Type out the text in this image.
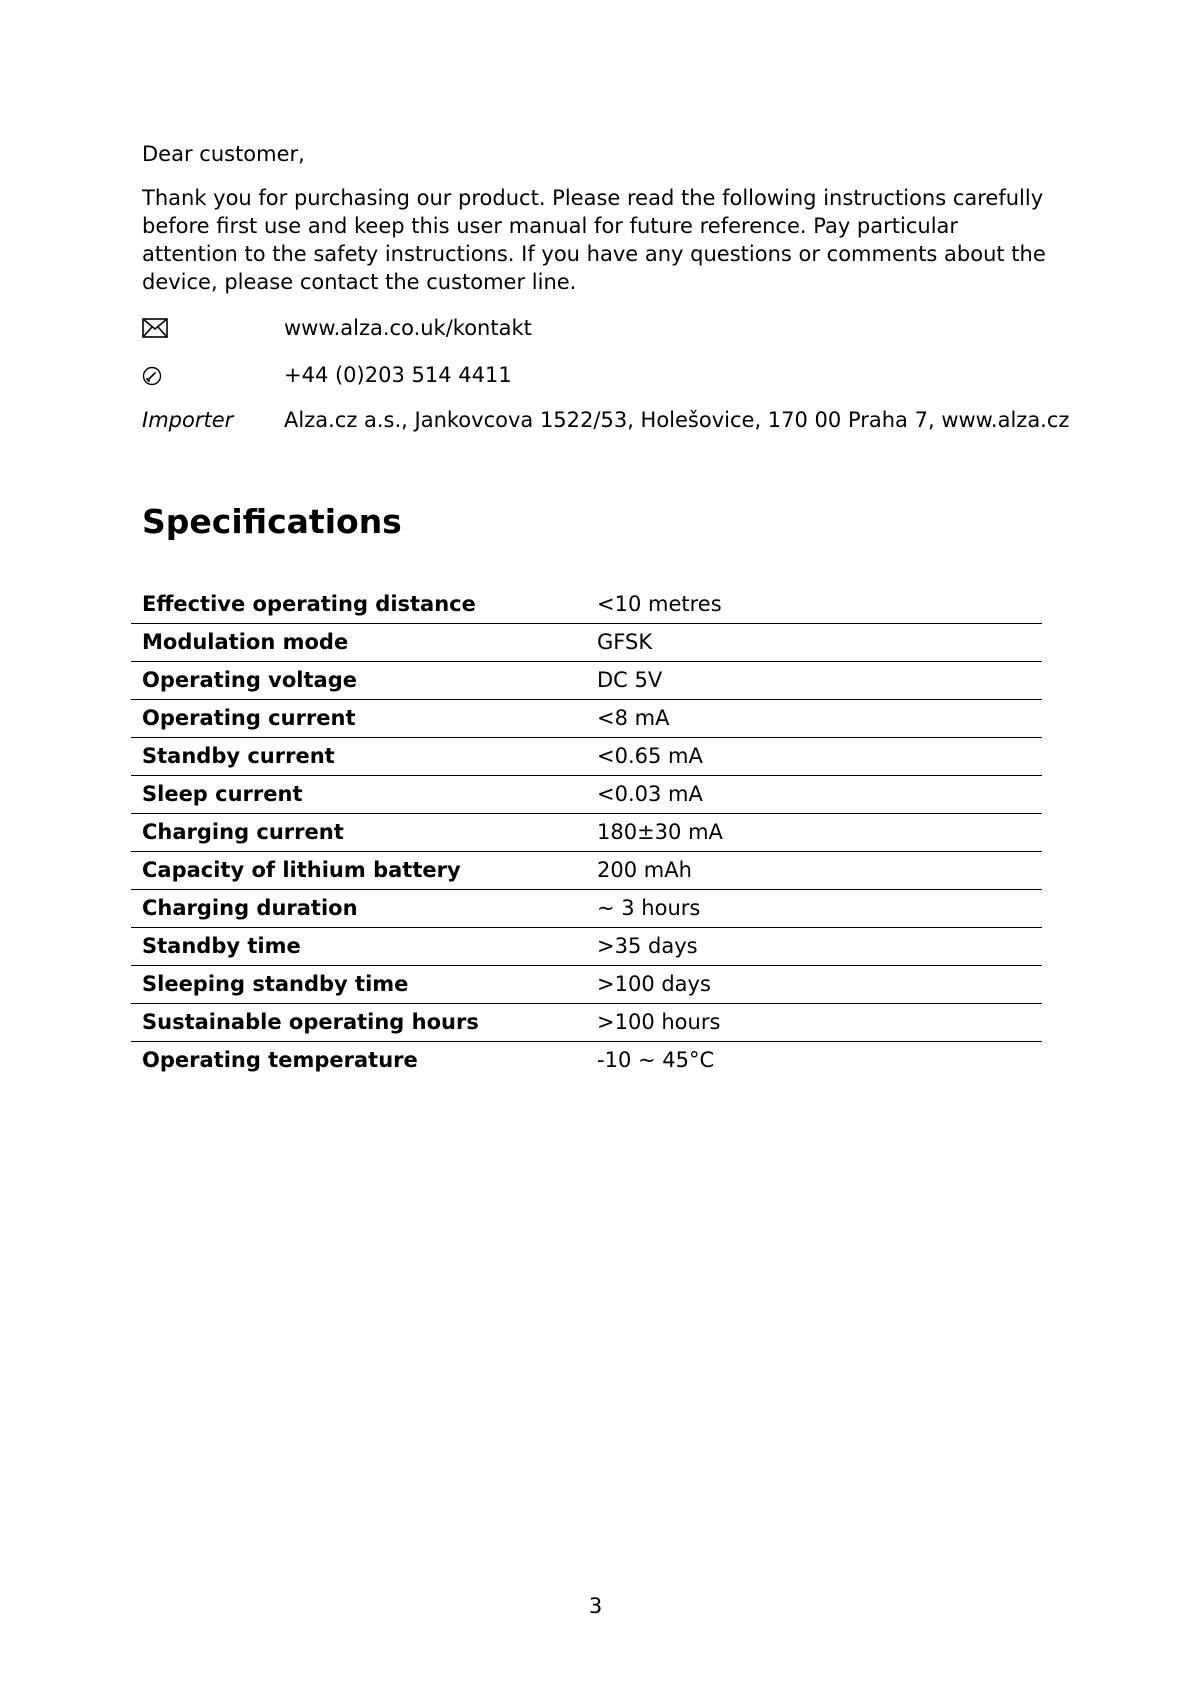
Dear customer,

Thank you for purchasing our product. Please read the following instructions carefully before first use and keep this user manual for future reference. Pay particular attention to the safety instructions. If you have any questions or comments about the device, please contact the customer line.

www.alza.co.uk/kontakt
+44 (0)203 514 4411
Importer Alza.cz a.s., Jankovcova 1522/53, Holešovice, 170 00 Praha 7, www.alza.cz
Specifications
Effective operating distance	<10 metres
Modulation mode	GFSK
Operating voltage	DC 5V
Operating current	<8 mA
Standby current	<0.65 mA
Sleep current	<0.03 mA
Charging current	180±30 mA
Capacity of lithium battery	200 mAh
Charging duration	~ 3 hours
Standby time	>35 days
Sleeping standby time	>100 days
Sustainable operating hours	>100 hours
Operating temperature	-10 ~ 45°C
3
